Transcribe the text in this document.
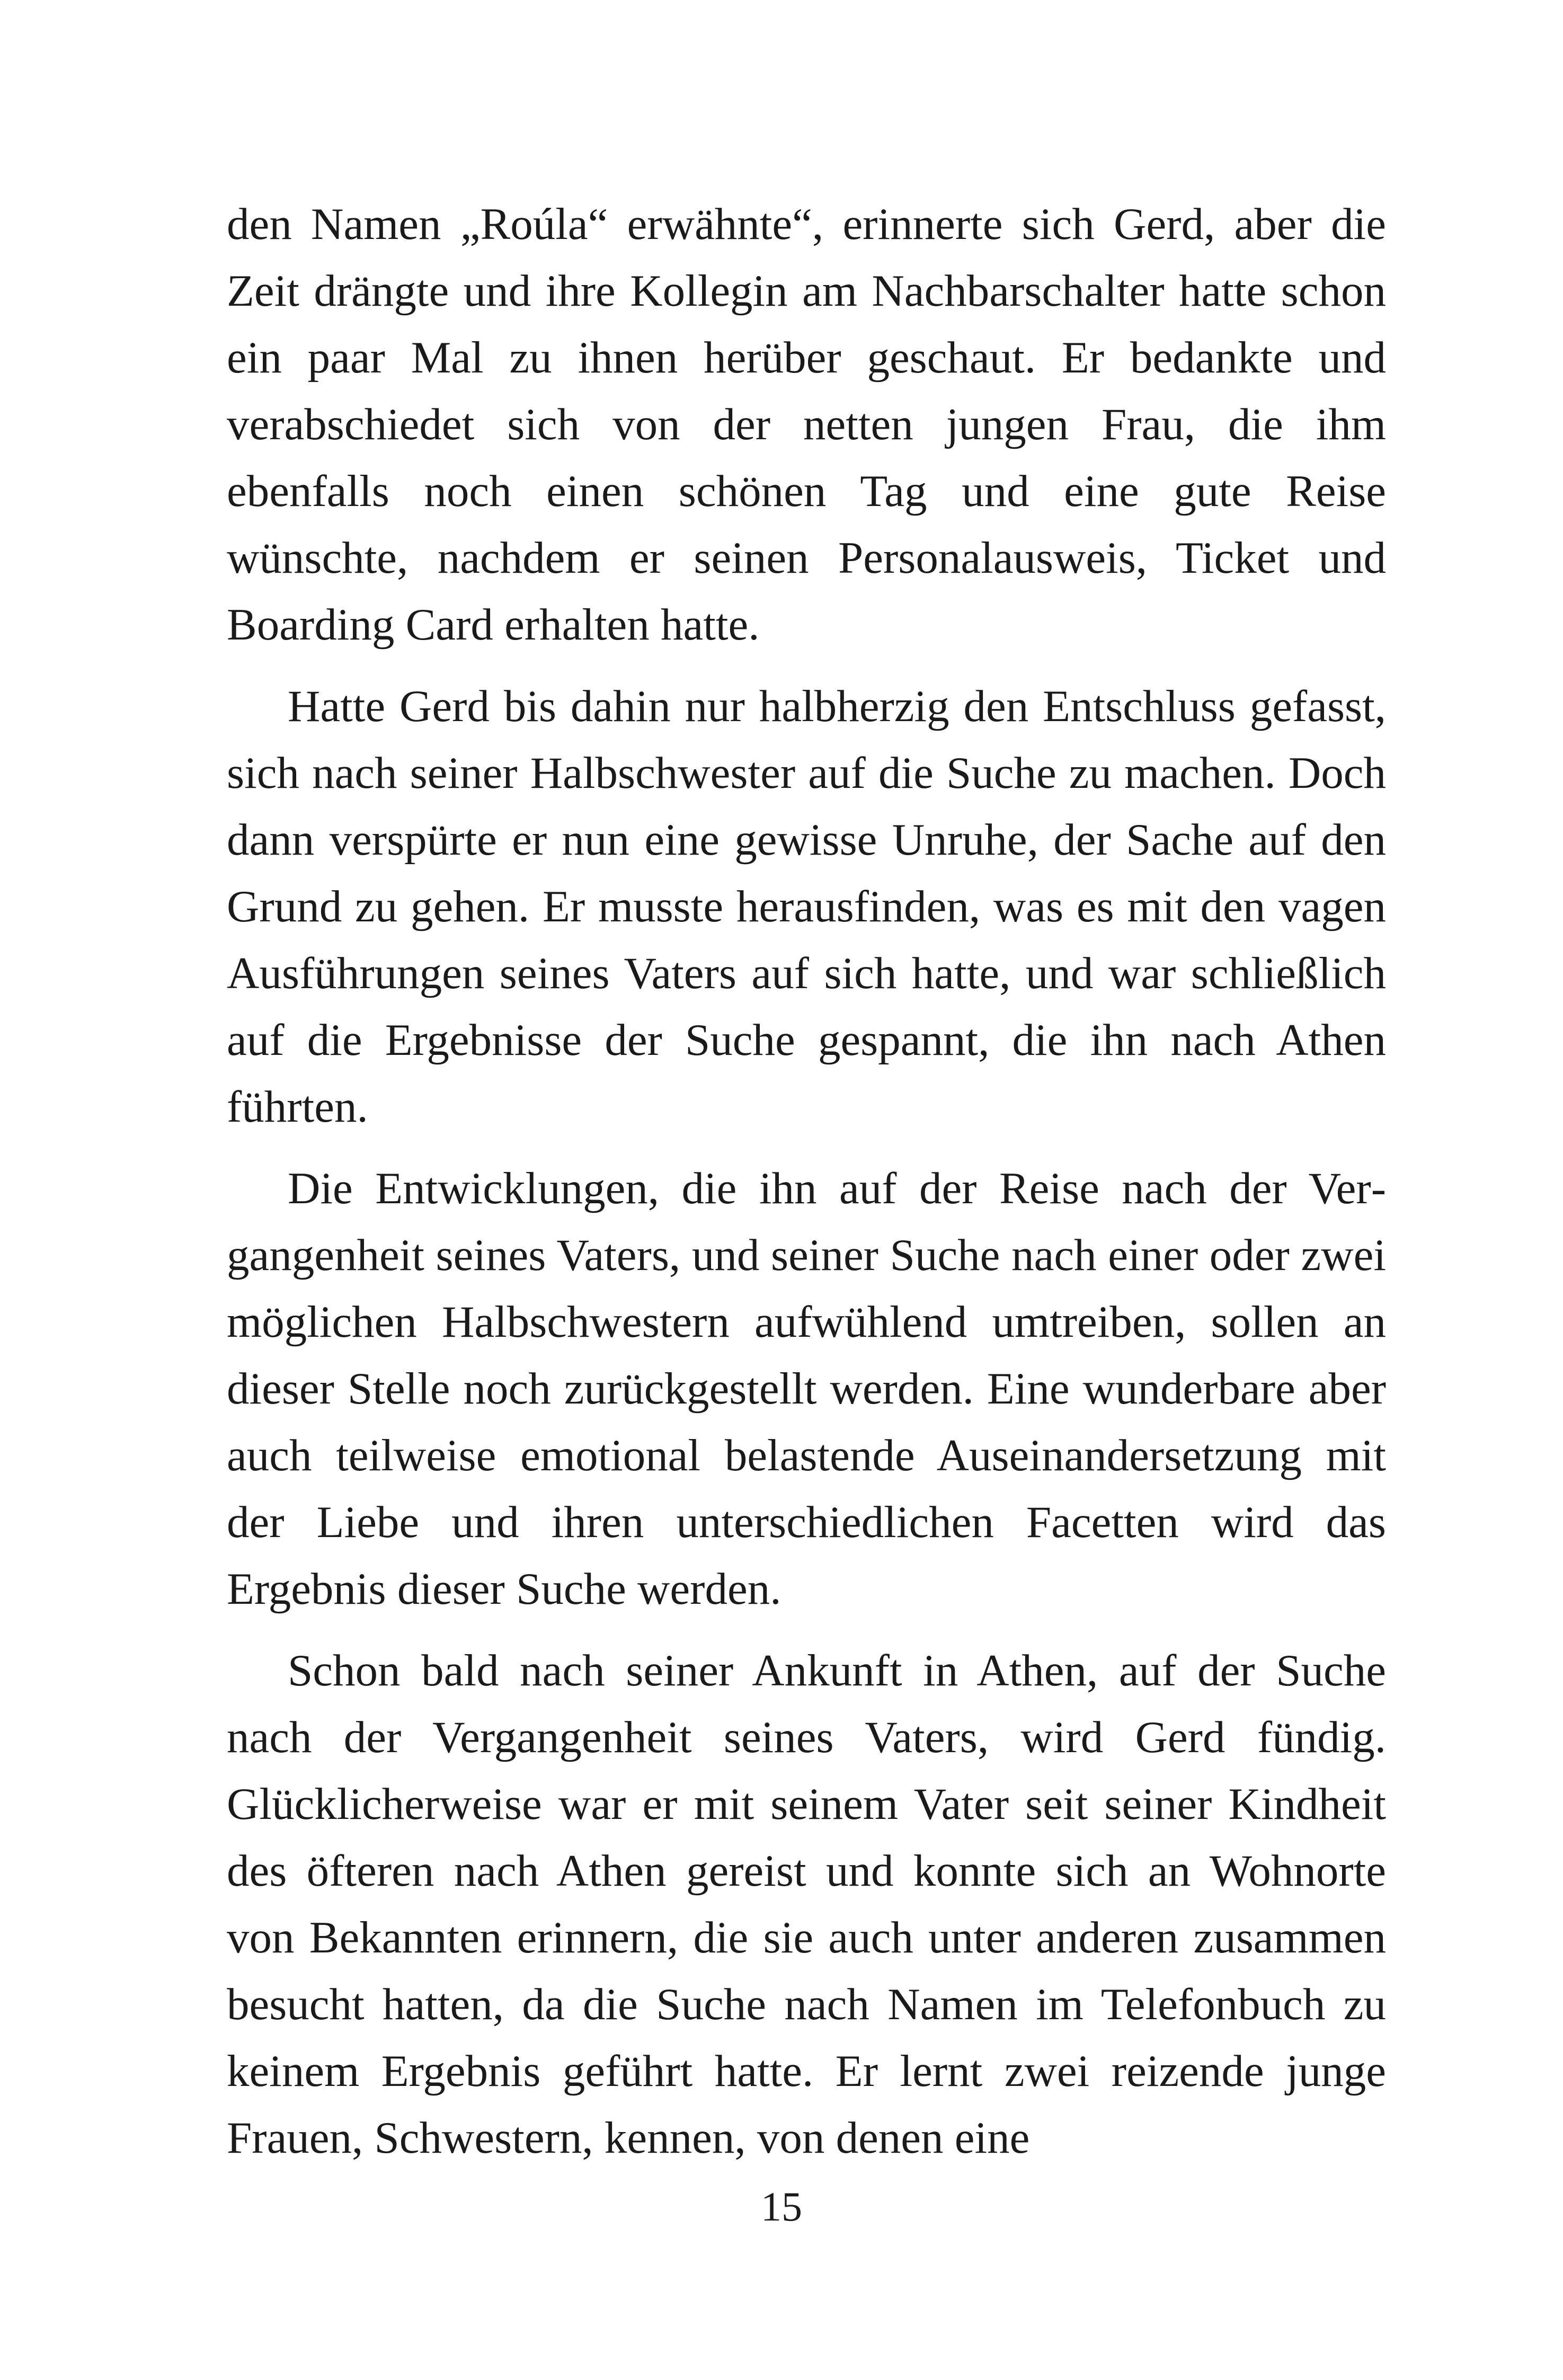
den Namen „Roúla“ erwähnte“, erinnerte sich Gerd, aber die Zeit drängte und ihre Kollegin am Nachbarschalter hatte schon ein paar Mal zu ihnen herüber geschaut. Er bedankte und verabschiedet sich von der netten jungen Frau, die ihm ebenfalls noch einen schönen Tag und eine gute Reise wünschte, nachdem er seinen Personalausweis, Ticket und Boarding Card erhalten hatte.

Hatte Gerd bis dahin nur halbherzig den Entschluss gefasst, sich nach seiner Halbschwester auf die Suche zu machen. Doch dann verspürte er nun eine gewisse Unruhe, der Sache auf den Grund zu gehen. Er musste herausfinden, was es mit den vagen Ausführungen seines Vaters auf sich hatte, und war schließlich auf die Ergebnisse der Suche gespannt, die ihn nach Athen führten.

Die Entwicklungen, die ihn auf der Reise nach der Vergangenheit seines Vaters, und seiner Suche nach einer oder zwei möglichen Halbschwestern aufwühlend umtreiben, sollen an dieser Stelle noch zurückgestellt werden. Eine wunderbare aber auch teilweise emotional belastende Auseinandersetzung mit der Liebe und ihren unterschiedlichen Facetten wird das Ergebnis dieser Suche werden.

Schon bald nach seiner Ankunft in Athen, auf der Suche nach der Vergangenheit seines Vaters, wird Gerd fündig. Glücklicherweise war er mit seinem Vater seit seiner Kindheit des öfteren nach Athen gereist und konnte sich an Wohnorte von Bekannten erinnern, die sie auch unter anderen zusammen besucht hatten, da die Suche nach Namen im Telefonbuch zu keinem Ergebnis geführt hatte. Er lernt zwei reizende junge Frauen, Schwestern, kennen, von denen eine

15
